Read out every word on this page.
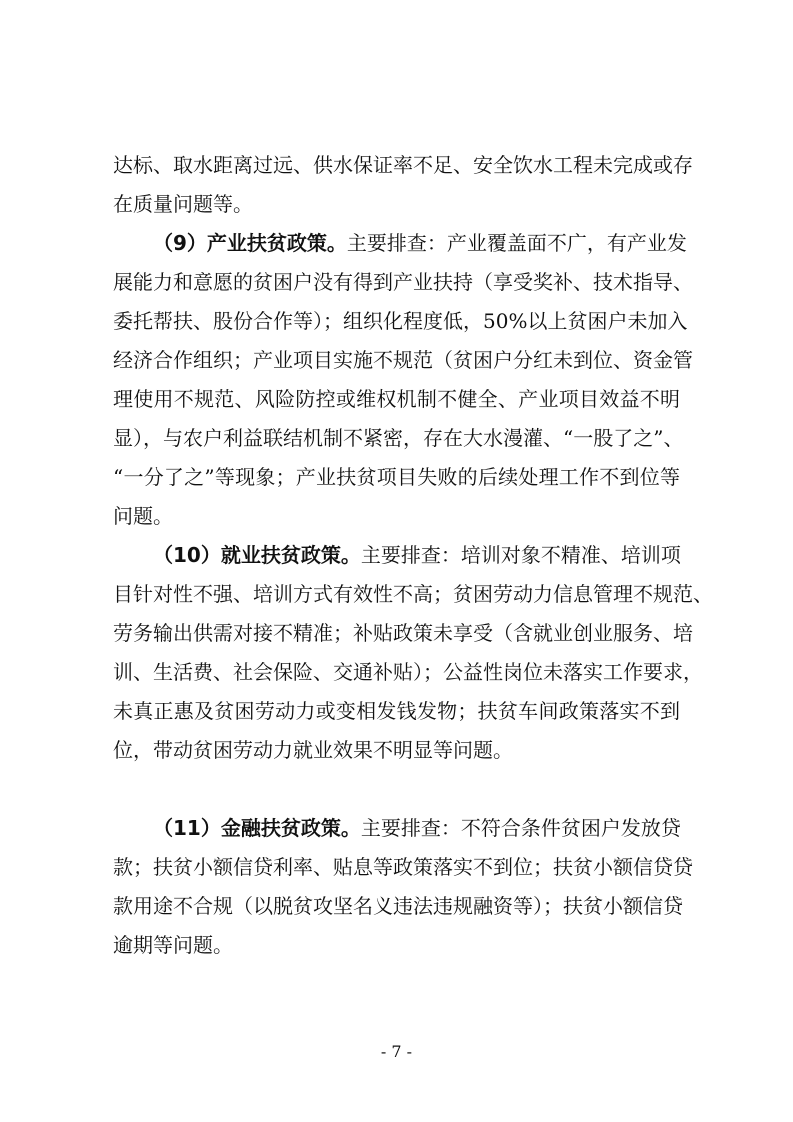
达标、取水距离过远、供水保证率不足、安全饮水工程未完成或存
在质量问题等。
（9）产业扶贫政策。主要排查：产业覆盖面不广，有产业发
展能力和意愿的贫困户没有得到产业扶持（享受奖补、技术指导、
委托帮扶、股份合作等）；组织化程度低，50%以上贫困户未加入
经济合作组织；产业项目实施不规范（贫困户分红未到位、资金管
理使用不规范、风险防控或维权机制不健全、产业项目效益不明
显），与农户利益联结机制不紧密，存在大水漫灌、“一股了之”、
“一分了之”等现象；产业扶贫项目失败的后续处理工作不到位等
问题。
（10）就业扶贫政策。主要排查：培训对象不精准、培训项
目针对性不强、培训方式有效性不高；贫困劳动力信息管理不规范、
劳务输出供需对接不精准；补贴政策未享受（含就业创业服务、培
训、生活费、社会保险、交通补贴）；公益性岗位未落实工作要求，
未真正惠及贫困劳动力或变相发钱发物；扶贫车间政策落实不到
位，带动贫困劳动力就业效果不明显等问题。
（11）金融扶贫政策。主要排查：不符合条件贫困户发放贷
款；扶贫小额信贷利率、贴息等政策落实不到位；扶贫小额信贷贷
款用途不合规（以脱贫攻坚名义违法违规融资等）；扶贫小额信贷
逾期等问题。
- 7 -
